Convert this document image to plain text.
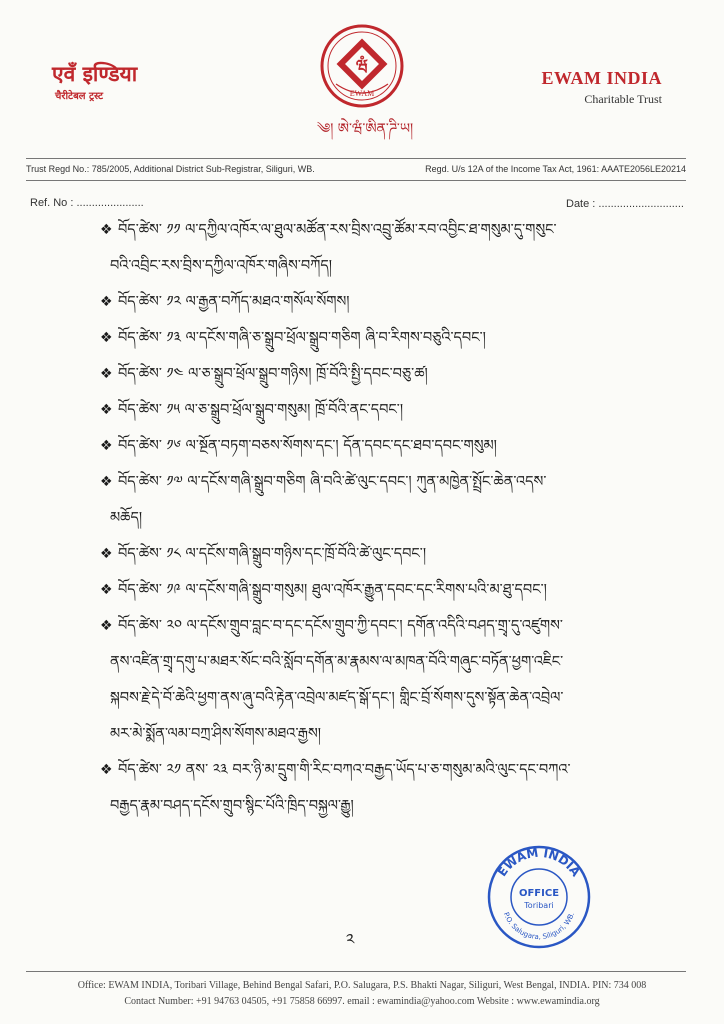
एवँ इण्डिया
चैरीटेबल ट्रस्ट
EWAM INDIA
Charitable Trust
ཝཾ
EWAM
༄། ཨེ་ཝཾ་ཨིན་ཌི་ཡ།
Trust Regd No.: 785/2005, Additional District Sub-Registrar, Siliguri, WB.	Regd. U/s 12A of the Income Tax Act, 1961: AAATE2056LE20214
Ref. No : ......................	Date : ............................
❖ བོད་ཚེས་ ༡༡ ལ་དཀྱིལ་འཁོར་ལ་ཐུལ་མཚོན་རས་བྲིས་འབྲུ་ཚོམ་རབ་འབྱིང་ཐ་གསུམ་དུ་གསུང་
བའི་འབྲིང་རས་བྲིས་དཀྱིལ་འཁོར་གཞིས་བཀོད།
❖ བོད་ཚེས་ ༡༢ ལ་རྒྱན་བཀོད་མཐའ་གསོལ་སོགས།
❖ བོད་ཚེས་ ༡༣ ལ་དངོས་གཞི་ཅ་སྒྲུབ་ཕྲོལ་སྒྲུབ་གཅིག ཞི་བ་རིགས་བཅུའི་དབང་།
❖ བོད་ཚེས་ ༡༤ ལ་ཅ་སྒྲུབ་ཕྲོལ་སྒྲུབ་གཉིས། ཁྲོ་བོའི་སྤྱི་དབང་བཅུ་ཚ།
❖ བོད་ཚེས་ ༡༥ ལ་ཅ་སྒྲུབ་ཕྲོལ་སྒྲུབ་གསུམ། ཁྲོ་བོའི་ནང་དབང་།
❖ བོད་ཚེས་ ༡༦ ལ་སྔོན་བཏག་བཅས་སོགས་དང་། དོན་དབང་དང་ཐབ་དབང་གསུམ།
❖ བོད་ཚེས་ ༡༧ ལ་དངོས་གཞི་སྒྲུབ་གཅིག ཞི་བའི་ཚེ་ལུང་དབང་། ཀུན་མཁྱེན་སྤྲོང་ཆེན་འདས་
མཆོད།
❖ བོད་ཚེས་ ༡༨ ལ་དངོས་གཞི་སྒྲུབ་གཉིས་དང་ཁྲོ་བོའི་ཚེ་ལུང་དབང་།
❖ བོད་ཚེས་ ༡༩ ལ་དངོས་གཞི་སྒྲུབ་གསུམ། ཐུལ་འཁོར་རྒྱུན་དབང་དང་རིགས་པའི་མ་ཐུ་དབང་།
❖ བོད་ཚེས་ ༢༠ ལ་དངོས་གྲུབ་བླང་བ་དང་དངོས་གྲུབ་ཀྱི་དབང་། དགོན་འདིའི་བཤད་གྲྭ་དུ་འཛུགས་
ནས་འཛིན་གྲྭ་དགུ་པ་མཐར་སོང་བའི་སློབ་དགོན་མ་རྣམས་ལ་མཁན་བོའི་གཞུང་བཏོན་ཕྱག་འཇིང་
སྐབས་རྗེ་དེ་བོ་ཆེའི་ཕྱག་ནས་ཞུ་བའི་རྟེན་འབྲེལ་མཛད་སྒོ་དང་། གླིང་བྲོ་སོགས་དུས་སྟོན་ཆེན་འབྲེལ་
མར་མེ་སྨོན་ལམ་བཀྲ་ཤིས་སོགས་མཐའ་རྒྱས།
❖ བོད་ཚེས་ ༢༡ ནས་ ༢༣ བར་ཉི་མ་དྲུག་གི་རིང་བཀའ་བརྒྱད་ཡོད་པ་ཅ་གསུམ་མའི་ལུང་དང་བཀའ་
བརྒྱད་རྣམ་བཤད་དངོས་གྲུབ་སྙིང་པོའི་ཁྲིད་བསྐྱལ་རྒྱུ།
EWAM INDIA
OFFICE
Toribari
P.O. Salugara, Siliguri, WB.
༢
Office: EWAM INDIA, Toribari Village, Behind Bengal Safari, P.O. Salugara, P.S. Bhakti Nagar, Siliguri, West Bengal, INDIA. PIN: 734 008
Contact Number: +91 94763 04505, +91 75858 66997. email : ewamindia@yahoo.com Website : www.ewamindia.org
